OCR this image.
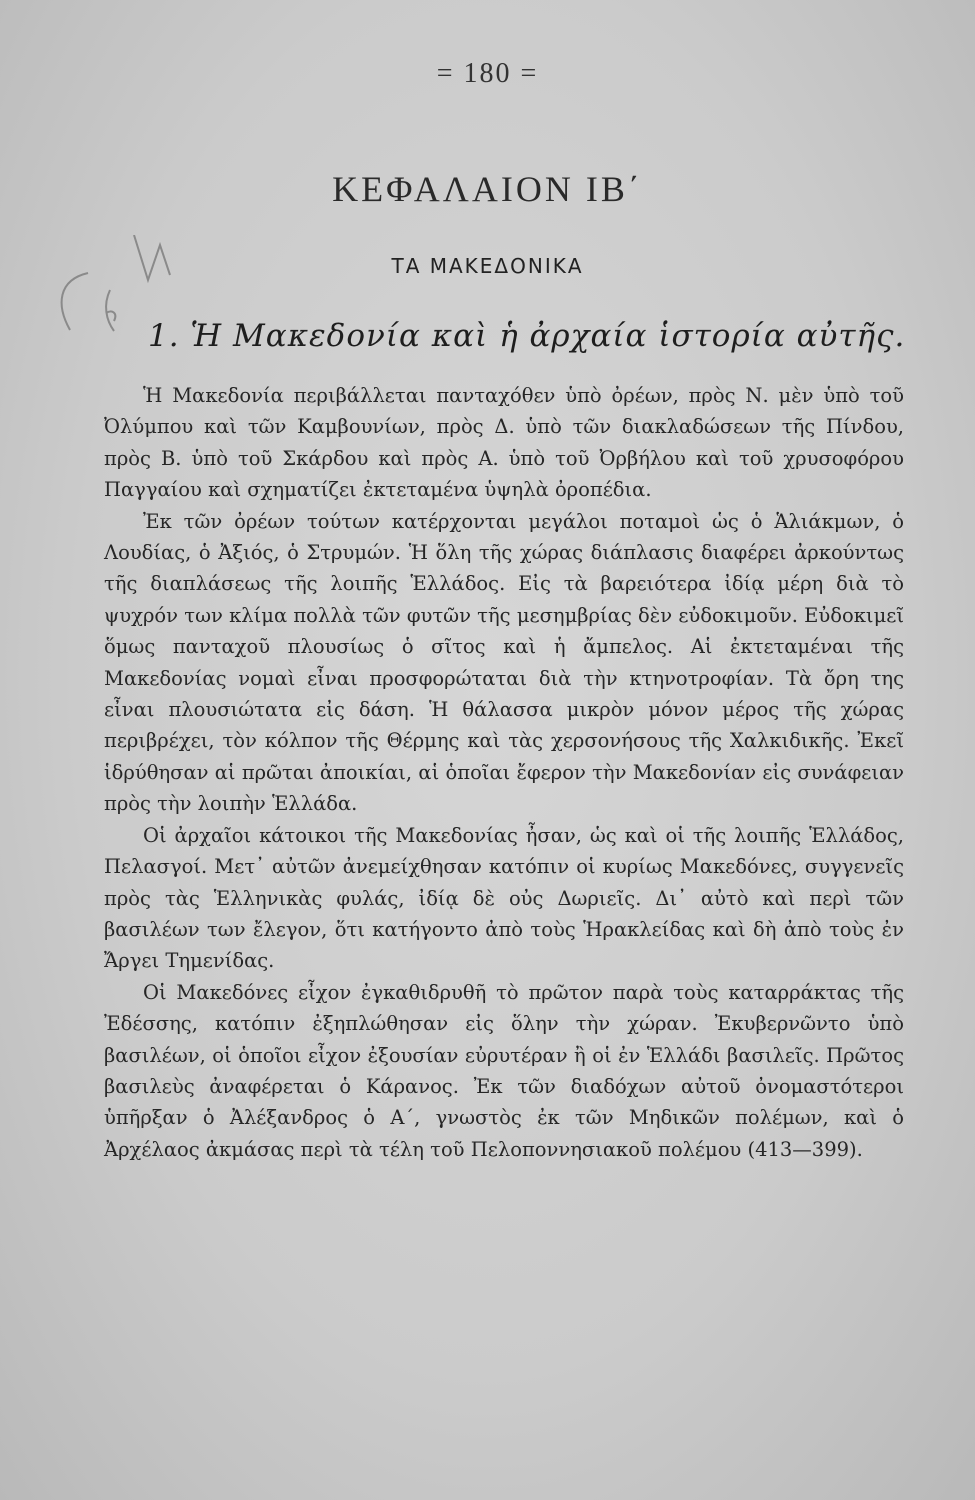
= 180 =
ΚΕΦΑΛΑΙΟΝ ΙΒ΄
ΤΑ ΜΑΚΕΔΟΝΙΚΑ
1. Ἡ Μακεδονία καὶ ἡ ἀρχαία ἱστορία αὐτῆς.

Ἡ Μακεδονία περιβάλλεται πανταχόθεν ὑπὸ ὀρέων, πρὸς Ν. μὲν ὑπὸ τοῦ Ὀλύμπου καὶ τῶν Καμβουνίων, πρὸς Δ. ὑπὸ τῶν διακλαδώσεων τῆς Πίνδου, πρὸς Β. ὑπὸ τοῦ Σκάρδου καὶ πρὸς Α. ὑπὸ τοῦ Ὀρβήλου καὶ τοῦ χρυσοφόρου Παγγαίου καὶ σχηματίζει ἐκτεταμένα ὑψηλὰ ὀροπέδια.

Ἐκ τῶν ὀρέων τούτων κατέρχονται μεγάλοι ποταμοὶ ὡς ὁ Ἁλιάκμων, ὁ Λουδίας, ὁ Ἀξιός, ὁ Στρυμών. Ἡ ὅλη τῆς χώρας διάπλασις διαφέρει ἀρκούντως τῆς διαπλάσεως τῆς λοιπῆς Ἑλλάδος. Εἰς τὰ βαρειότερα ἰδίᾳ μέρη διὰ τὸ ψυχρόν των κλίμα πολλὰ τῶν φυτῶν τῆς μεσημβρίας δὲν εὐδοκιμοῦν. Εὐδοκιμεῖ ὅμως πανταχοῦ πλουσίως ὁ σῖτος καὶ ἡ ἄμπελος. Αἱ ἐκτεταμέναι τῆς Μακεδονίας νομαὶ εἶναι προσφορώταται διὰ τὴν κτηνοτροφίαν. Τὰ ὄρη της εἶναι πλουσιώτατα εἰς δάση. Ἡ θάλασσα μικρὸν μόνον μέρος τῆς χώρας περιβρέχει, τὸν κόλπον τῆς Θέρμης καὶ τὰς χερσονήσους τῆς Χαλκιδικῆς. Ἐκεῖ ἱδρύθησαν αἱ πρῶται ἀποικίαι, αἱ ὁποῖαι ἔφερον τὴν Μακεδονίαν εἰς συνάφειαν πρὸς τὴν λοιπὴν Ἑλλάδα.

Οἱ ἀρχαῖοι κάτοικοι τῆς Μακεδονίας ἦσαν, ὡς καὶ οἱ τῆς λοιπῆς Ἑλλάδος, Πελασγοί. Μετ᾿ αὐτῶν ἀνεμείχθησαν κατόπιν οἱ κυρίως Μακεδόνες, συγγενεῖς πρὸς τὰς Ἑλληνικὰς φυλάς, ἰδίᾳ δὲ οὐς Δωριεῖς. Δι᾿ αὐτὸ καὶ περὶ τῶν βασιλέων των ἔλεγον, ὅτι κατήγοντο ἀπὸ τοὺς Ἡρακλείδας καὶ δὴ ἀπὸ τοὺς ἐν Ἄργει Τημενίδας.

Οἱ Μακεδόνες εἶχον ἐγκαθιδρυθῆ τὸ πρῶτον παρὰ τοὺς καταρράκτας τῆς Ἐδέσσης, κατόπιν ἐξηπλώθησαν εἰς ὅλην τὴν χώραν. Ἐκυβερνῶντο ὑπὸ βασιλέων, οἱ ὁποῖοι εἶχον ἐξουσίαν εὐρυτέραν ἢ οἱ ἐν Ἑλλάδι βασιλεῖς. Πρῶτος βασιλεὺς ἀναφέρεται ὁ Κάρανος. Ἐκ τῶν διαδόχων αὐτοῦ ὀνομαστότεροι ὑπῆρξαν ὁ Ἀλέξανδρος ὁ Α΄, γνωστὸς ἐκ τῶν Μηδικῶν πολέμων, καὶ ὁ Ἀρχέλαος ἀκμάσας περὶ τὰ τέλη τοῦ Πελοποννησιακοῦ πολέμου (413—399).
